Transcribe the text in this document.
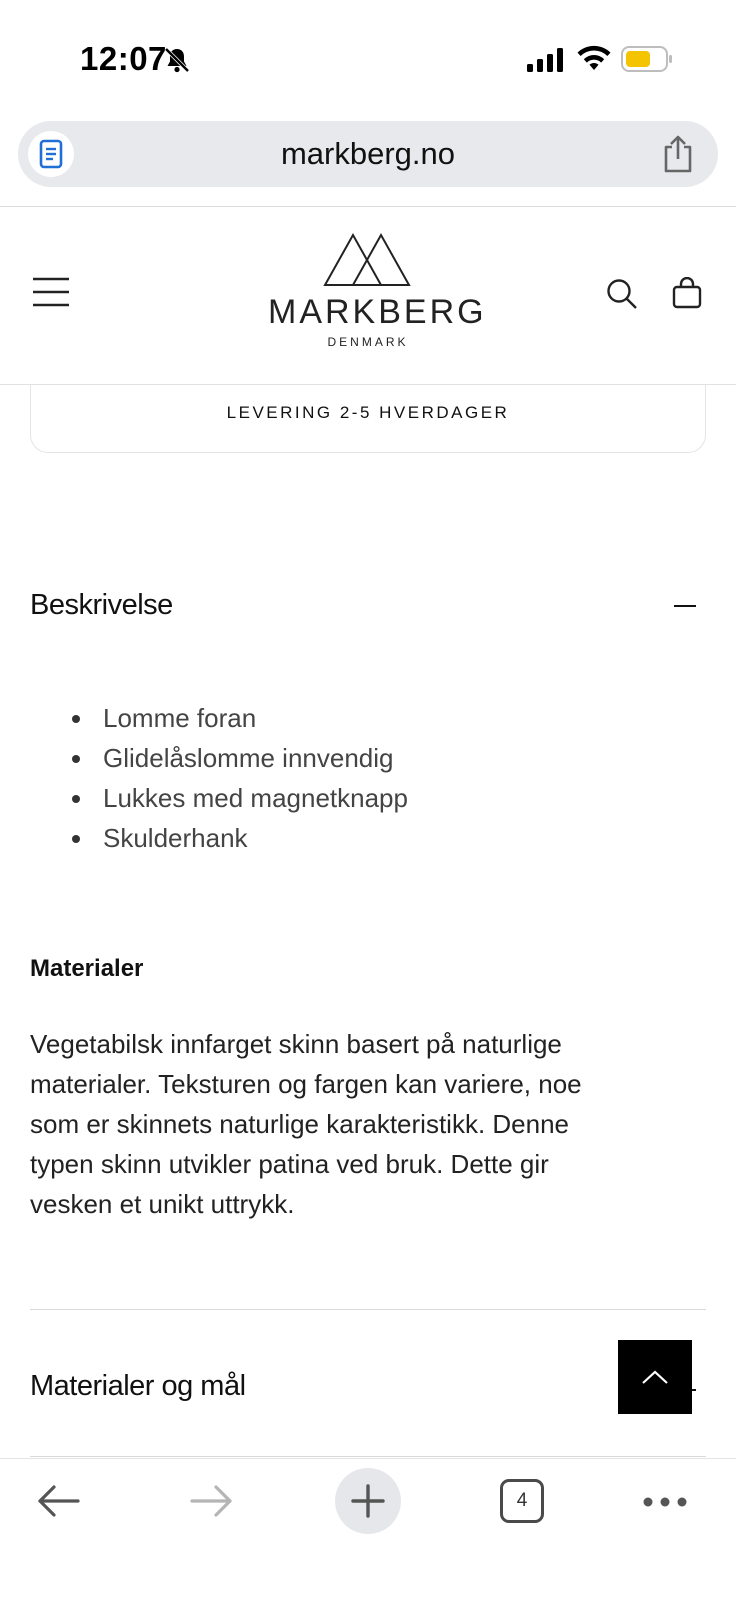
12:07
markberg.no
MARKBERG
DENMARK
LEVERING 2-5 HVERDAGER
Beskrivelse
Lomme foran
Glidelåslomme innvendig
Lukkes med magnetknapp
Skulderhank
Materialer
Vegetabilsk innfarget skinn basert på naturlige materialer. Teksturen og fargen kan variere, noe som er skinnets naturlige karakteristikk. Denne typen skinn utvikler patina ved bruk. Dette gir vesken et unikt uttrykk.
Materialer og mål
4
